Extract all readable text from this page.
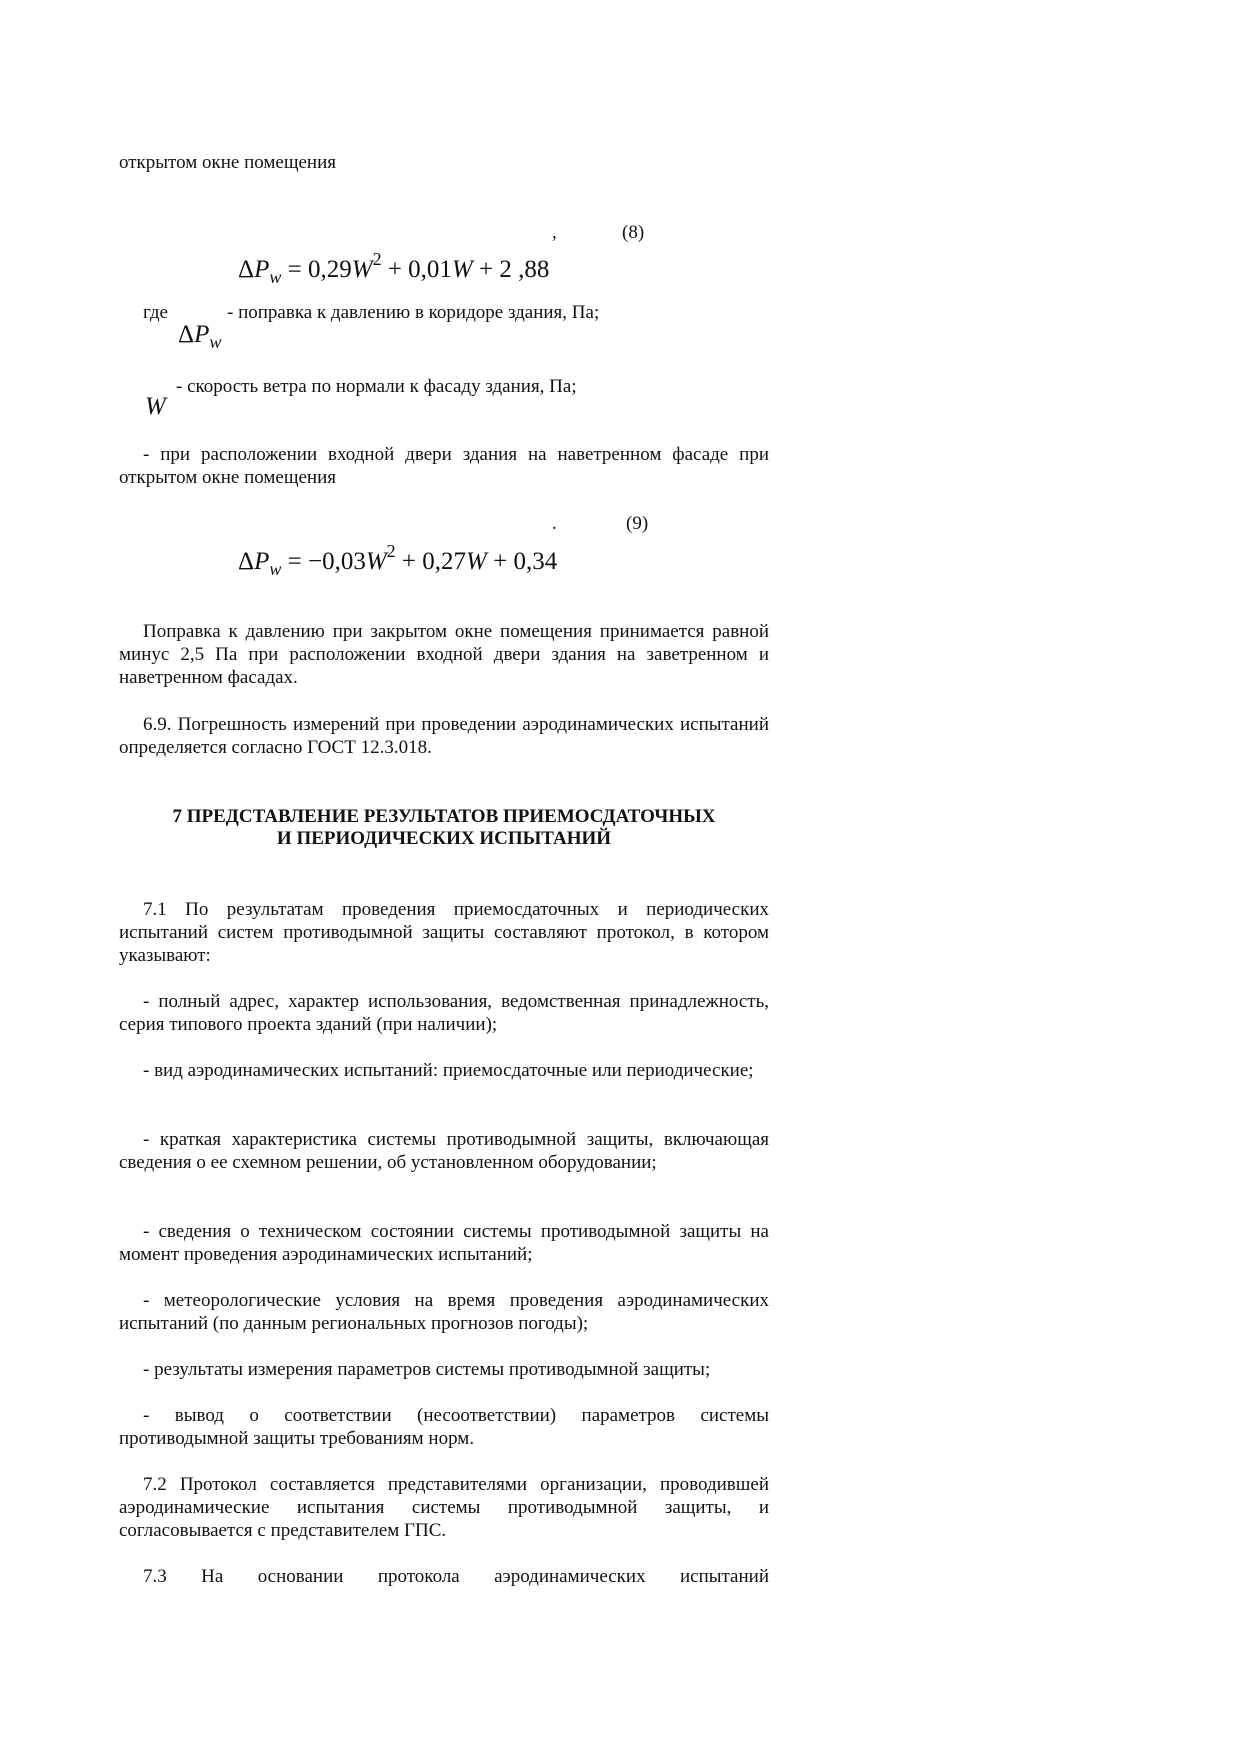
открытом окне помещения
,	(8)
$\Delta P_w = 0,29W^2 + 0,01W + 2$ ,88
где
$\Delta P_w$
- поправка к давлению в коридоре здания, Па;
W
- скорость ветра по нормали к фасаду здания, Па;
- при расположении входной двери здания на наветренном фасаде при открытом окне помещения
.	(9)
$\Delta P_w = -0,03W^2 + 0,27W + 0,34$
Поправка к давлению при закрытом окне помещения принимается равной минус 2,5 Па при расположении входной двери здания на заветренном и наветренном фасадах.
6.9. Погрешность измерений при проведении аэродинамических испытаний определяется согласно ГОСТ 12.3.018.
7 ПРЕДСТАВЛЕНИЕ РЕЗУЛЬТАТОВ ПРИЕМОСДАТОЧНЫХ
И ПЕРИОДИЧЕСКИХ ИСПЫТАНИЙ
7.1 По результатам проведения приемосдаточных и периодических испытаний систем противодымной защиты составляют протокол, в котором указывают:
- полный адрес, характер использования, ведомственная принадлежность, серия типового проекта зданий (при наличии);
- вид аэродинамических испытаний: приемосдаточные или периодические;
- краткая характеристика системы противодымной защиты, включающая сведения о ее схемном решении, об установленном оборудовании;
- сведения о техническом состоянии системы противодымной защиты на момент проведения аэродинамических испытаний;
- метеорологические условия на время проведения аэродинамических испытаний (по данным региональных прогнозов погоды);
- результаты измерения параметров системы противодымной защиты;
- вывод о соответствии (несоответствии) параметров системы противодымной защиты требованиям норм.
7.2 Протокол составляется представителями организации, проводившей аэродинамические испытания системы противодымной защиты, и согласовывается с представителем ГПС.
7.3 На основании протокола аэродинамических испытаний
